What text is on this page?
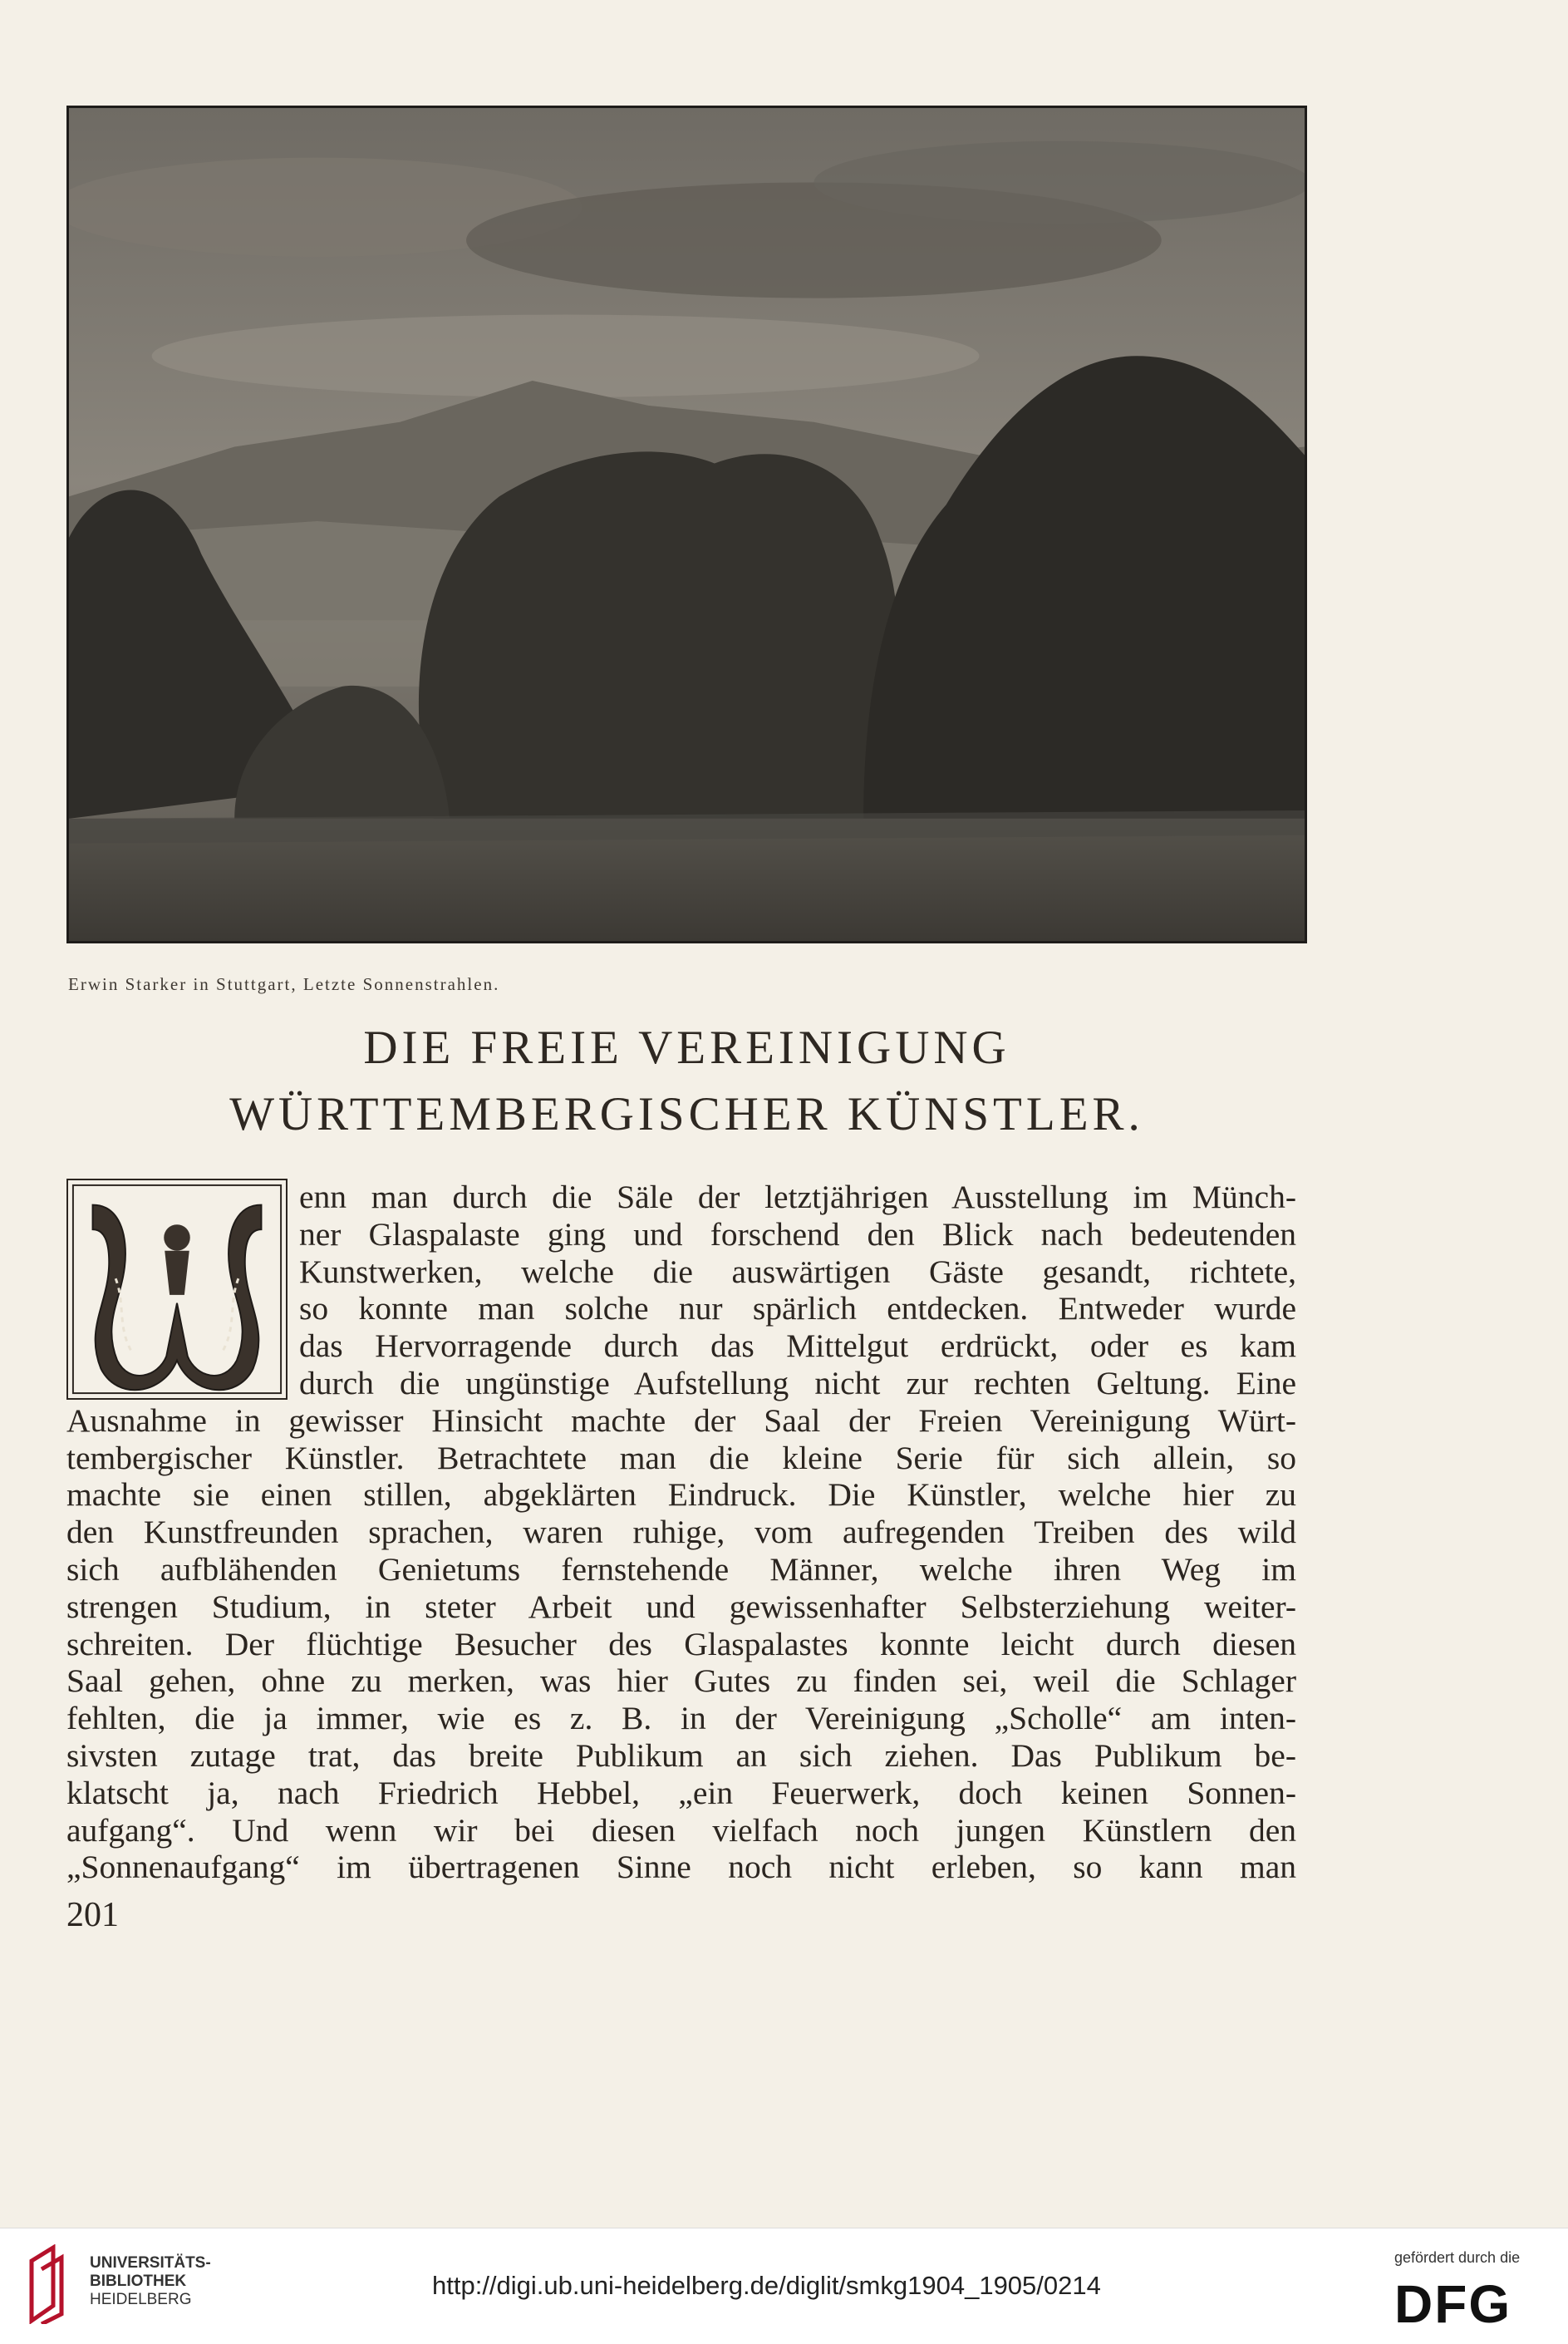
Erwin Starker in Stuttgart, Letzte Sonnenstrahlen.
DIE FREIE VEREINIGUNG
WÜRTTEMBERGISCHER KÜNSTLER.
enn man durch die Säle der letztjährigen Ausstellung im Münch-
ner Glaspalaste ging und forschend den Blick nach bedeutenden
Kunstwerken, welche die auswärtigen Gäste gesandt, richtete,
so konnte man solche nur spärlich entdecken. Entweder wurde
das Hervorragende durch das Mittelgut erdrückt, oder es kam
durch die ungünstige Aufstellung nicht zur rechten Geltung. Eine
Ausnahme in gewisser Hinsicht machte der Saal der Freien Vereinigung Würt-
tembergischer Künstler. Betrachtete man die kleine Serie für sich allein, so
machte sie einen stillen, abgeklärten Eindruck. Die Künstler, welche hier zu
den Kunstfreunden sprachen, waren ruhige, vom aufregenden Treiben des wild
sich aufblähenden Genietums fernstehende Männer, welche ihren Weg im
strengen Studium, in steter Arbeit und gewissenhafter Selbsterziehung weiter-
schreiten. Der flüchtige Besucher des Glaspalastes konnte leicht durch diesen
Saal gehen, ohne zu merken, was hier Gutes zu finden sei, weil die Schlager
fehlten, die ja immer, wie es z. B. in der Vereinigung „Scholle“ am inten-
sivsten zutage trat, das breite Publikum an sich ziehen. Das Publikum be-
klatscht ja, nach Friedrich Hebbel, „ein Feuerwerk, doch keinen Sonnen-
aufgang“. Und wenn wir bei diesen vielfach noch jungen Künstlern den
„Sonnenaufgang“ im übertragenen Sinne noch nicht erleben, so kann man
201
UNIVERSITÄTS-
BIBLIOTHEK
HEIDELBERG	http://digi.ub.uni-heidelberg.de/diglit/smkg1904_1905/0214
gefördert durch die
DFG
